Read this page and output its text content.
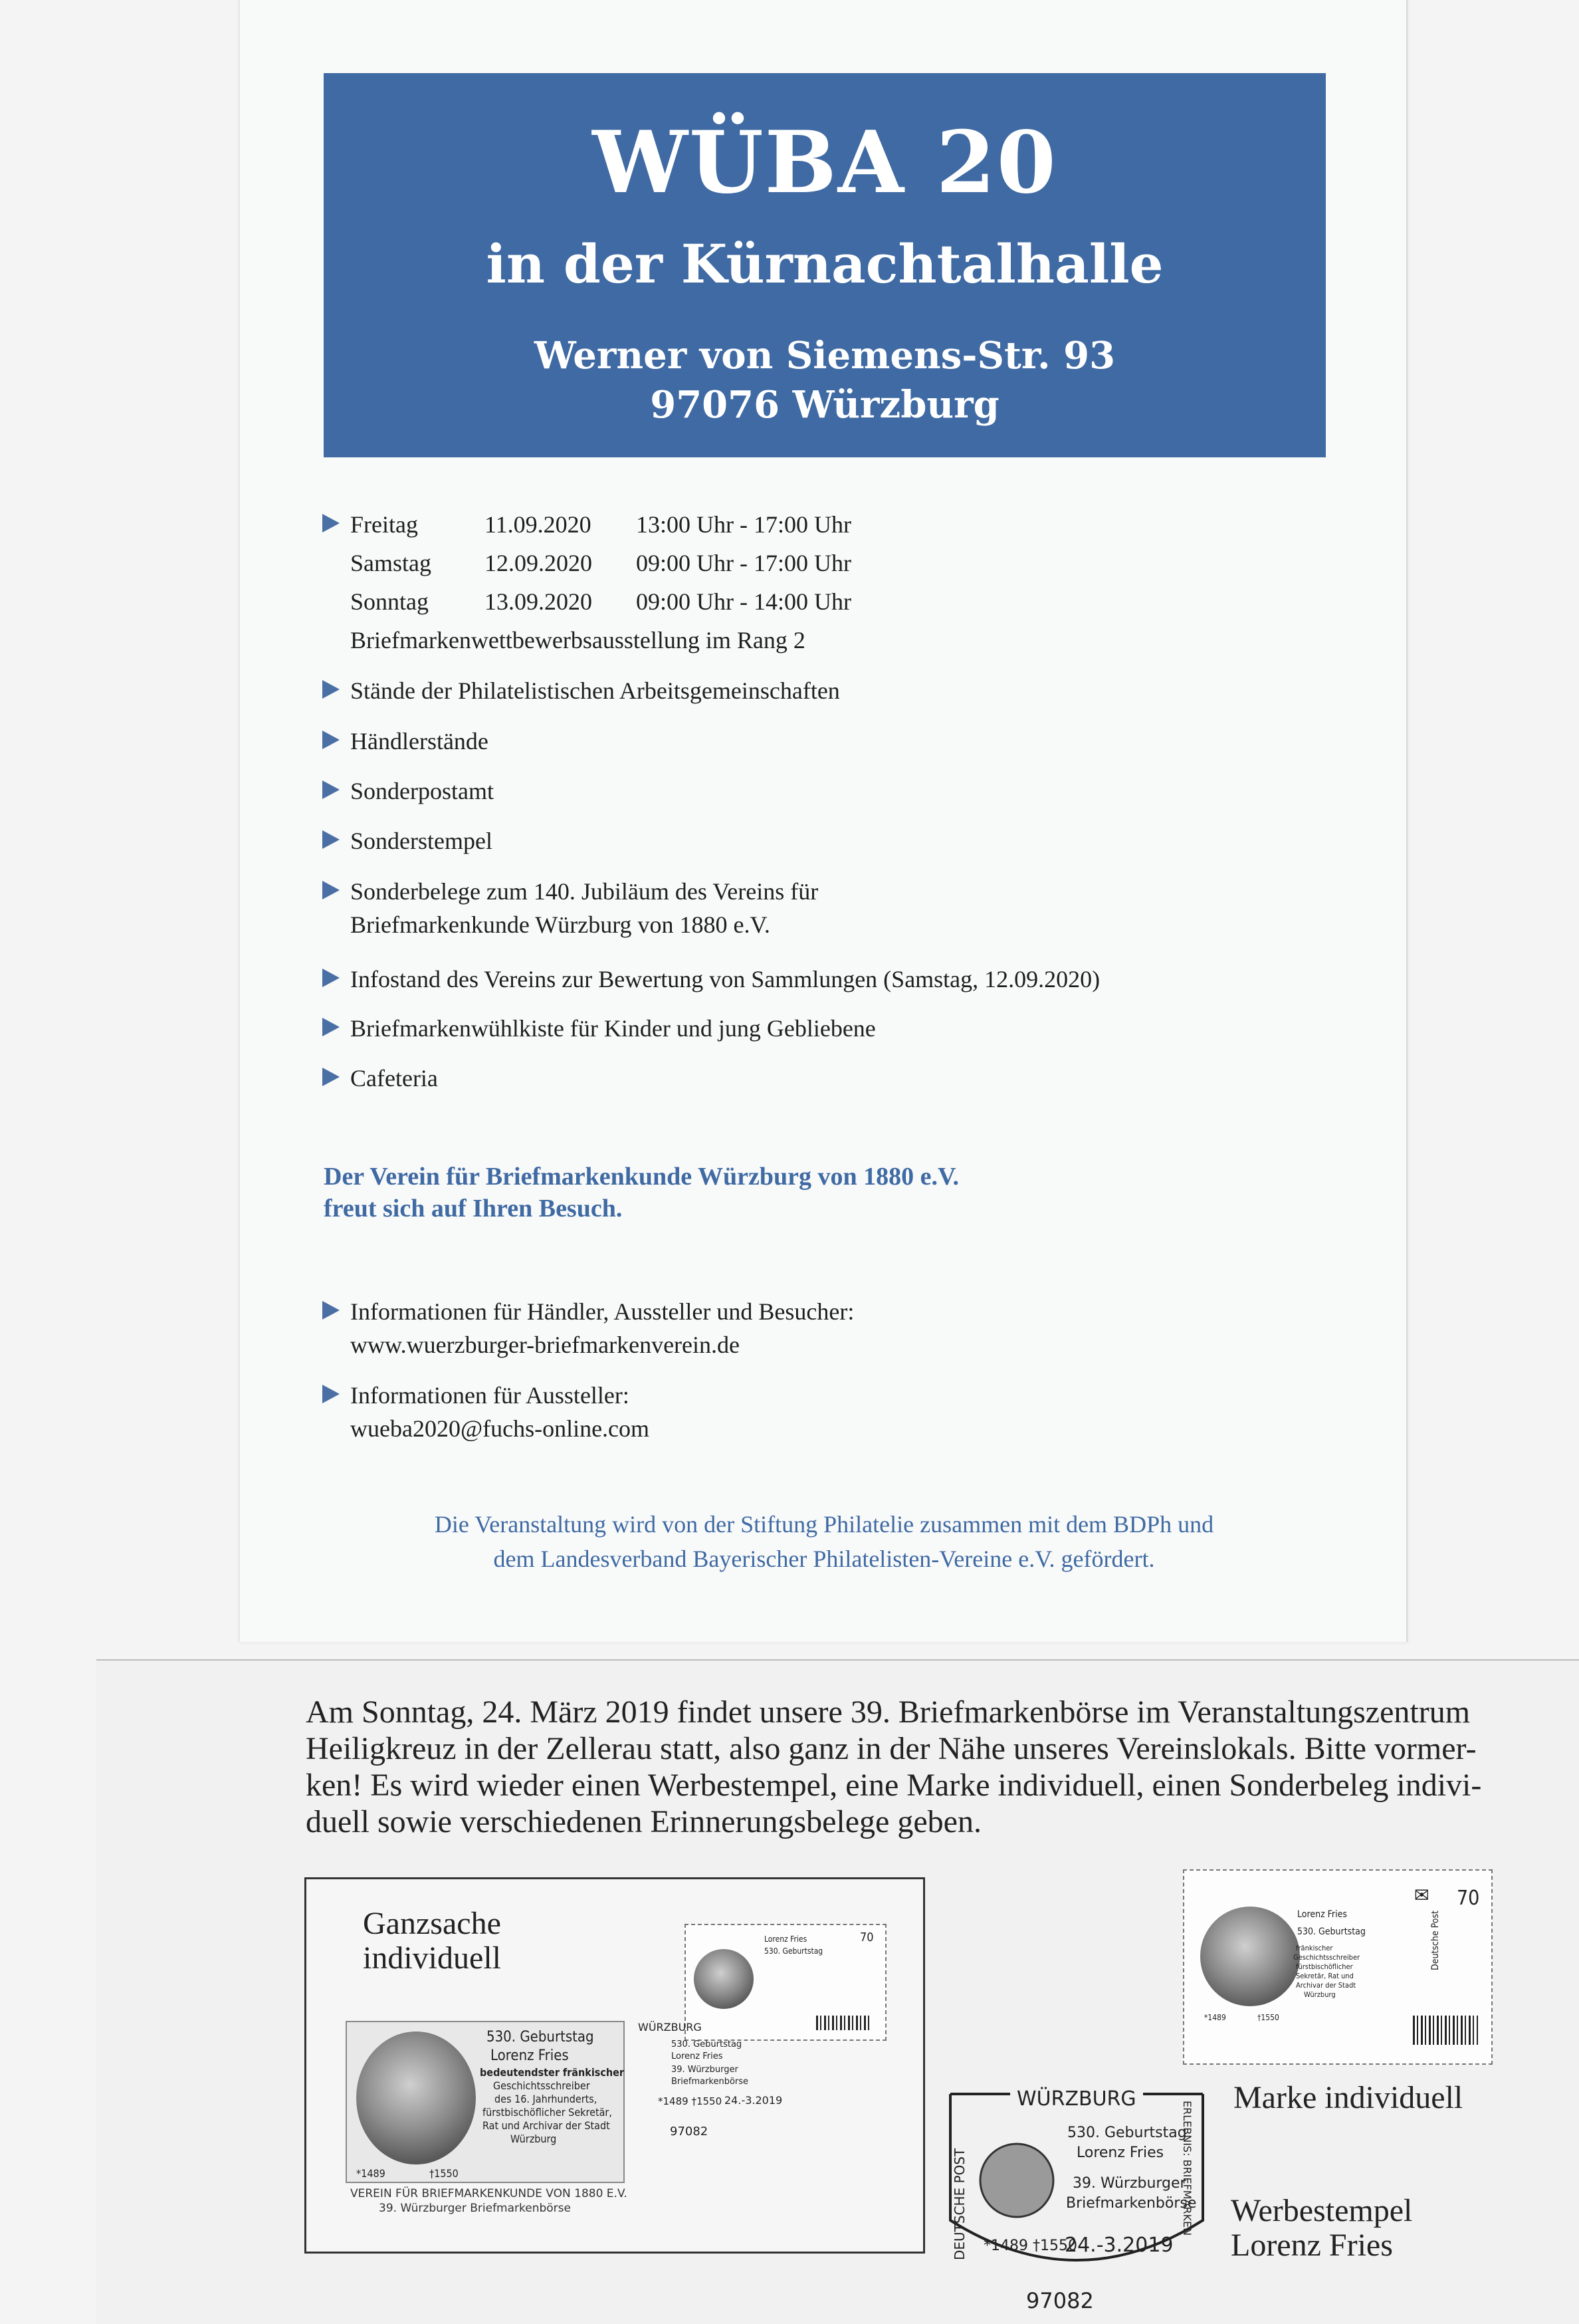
WÜBA 20
in der Kürnachtalhalle
Werner von Siemens-Str. 93
97076 Würzburg
Freitag	11.09.2020 13:00 Uhr - 17:00 Uhr
Samstag 12.09.2020 09:00 Uhr - 17:00 Uhr
Sonntag 13.09.2020 09:00 Uhr - 14:00 Uhr
Briefmarkenwettbewerbsausstellung im Rang 2
Stände der Philatelistischen Arbeitsgemeinschaften
Händlerstände
Sonderpostamt
Sonderstempel
Sonderbelege zum 140. Jubiläum des Vereins für
Briefmarkenkunde Würzburg von 1880 e.V.
Infostand des Vereins zur Bewertung von Sammlungen (Samstag, 12.09.2020)
Briefmarkenwühlkiste für Kinder und jung Gebliebene
Cafeteria
Der Verein für Briefmarkenkunde Würzburg von 1880 e.V.
freut sich auf Ihren Besuch.
Informationen für Händler, Aussteller und Besucher:
www.wuerzburger-briefmarkenverein.de
Informationen für Aussteller:
wueba2020@fuchs-online.com
Die Veranstaltung wird von der Stiftung Philatelie zusammen mit dem BDPh und
dem Landesverband Bayerischer Philatelisten-Vereine e.V. gefördert.
Am Sonntag, 24. März 2019 findet unsere 39. Briefmarkenbörse im Veranstaltungszentrum
Heiligkreuz in der Zellerau statt, also ganz in der Nähe unseres Vereinslokals. Bitte vormer-
ken! Es wird wieder einen Werbestempel, eine Marke individuell, einen Sonderbeleg indivi-
duell sowie verschiedenen Erinnerungsbelege geben.
Ganzsache
individuell
530. Geburtstag
Lorenz Fries
bedeutendster fränkischer
Geschichtsschreiber
des 16. Jahrhunderts,
fürstbischöflicher Sekretär,
Rat und Archivar der Stadt
Würzburg
*1489	†1550
VEREIN FÜR BRIEFMARKENKUNDE VON 1880 E.V.
39. Würzburger Briefmarkenbörse
Lorenz Fries
530. Geburtstag
70
WÜRZBURG
530. Geburtstag
Lorenz Fries
39. Würzburger
Briefmarkenbörse
*1489 †1550 24.-3.2019
97082
Lorenz Fries
530. Geburtstag
fränkischer
Geschichtsschreiber
fürstbischöflicher
Sekretär, Rat und
Archivar der Stadt
Würzburg
*1489	†1550
✉ 70
Deutsche Post
Marke individuell
WÜRZBURG
530. Geburtstag
Lorenz Fries
39. Würzburger
Briefmarkenbörse
*1489 †1550
24.-3.2019
97082
DEUTSCHE POST	ERLEBNIS: BRIEFMARKEN Werbestempel
Lorenz Fries
